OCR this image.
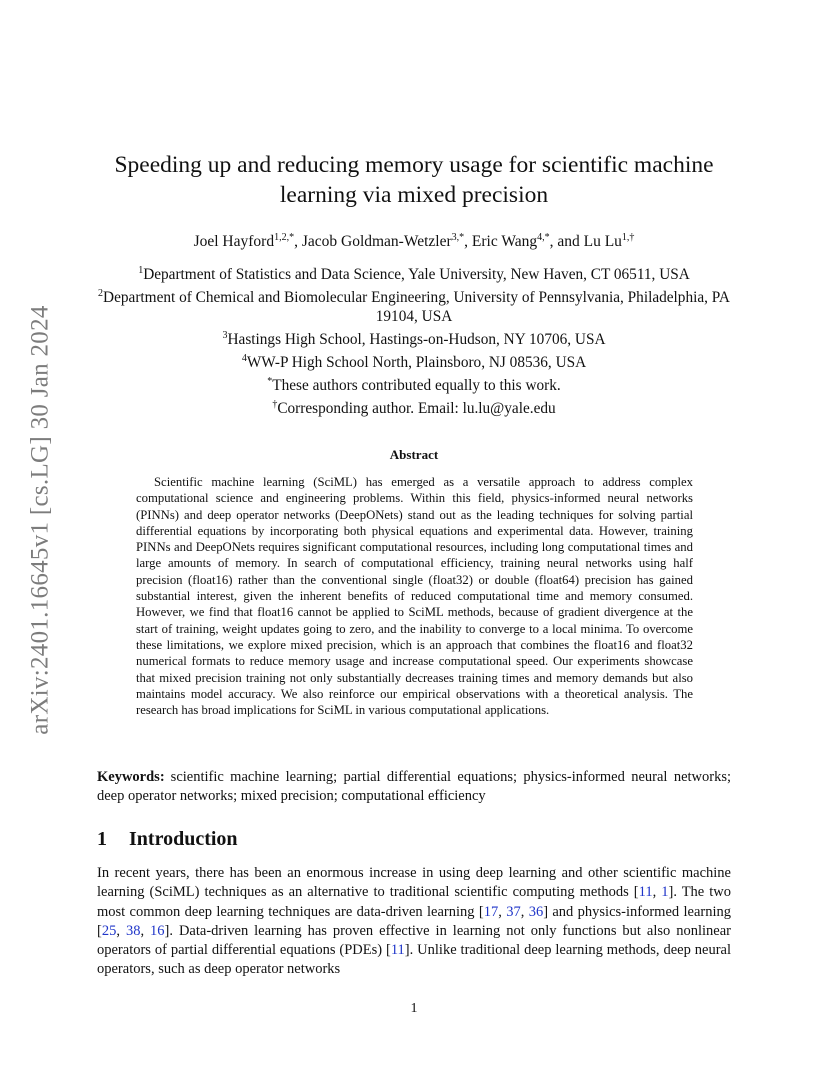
arXiv:2401.16645v1 [cs.LG] 30 Jan 2024
Speeding up and reducing memory usage for scientific machine learning via mixed precision
Joel Hayford$^{1,2,*}$, Jacob Goldman-Wetzler$^{3,*}$, Eric Wang$^{4,*}$, and Lu $Lu^{1,\dagger}$
$^1$Department of Statistics and Data Science, Yale University, New Haven, CT 06511, USA
$^2$Department of Chemical and Biomolecular Engineering, University of Pennsylvania, Philadelphia, PA 19104, USA
$^3$Hastings High School, Hastings-on-Hudson, NY 10706, USA
$^4$WW-P High School North, Plainsboro, NJ 08536, USA
*These authors contributed equally to this work.
†Corresponding author. Email: lu.lu@yale.edu
Abstract

Scientific machine learning (SciML) has emerged as a versatile approach to address complex computational science and engineering problems. Within this field, physics-informed neural networks (PINNs) and deep operator networks (DeepONets) stand out as the leading techniques for solving partial differential equations by incorporating both physical equations and experimental data. However, training PINNs and DeepONets requires significant computational resources, including long computational times and large amounts of memory. In search of computational efficiency, training neural networks using half precision (float16) rather than the conventional single (float32) or double (float64) precision has gained substantial interest, given the inherent benefits of reduced computational time and memory consumed. However, we find that float16 cannot be applied to SciML methods, because of gradient divergence at the start of training, weight updates going to zero, and the inability to converge to a local minima. To overcome these limitations, we explore mixed precision, which is an approach that combines the float16 and float32 numerical formats to reduce memory usage and increase computational speed. Our experiments showcase that mixed precision training not only substantially decreases training times and memory demands but also maintains model accuracy. We also reinforce our empirical observations with a theoretical analysis. The research has broad implications for SciML in various computational applications.

Keywords: scientific machine learning; partial differential equations; physics-informed neural networks; deep operator networks; mixed precision; computational efficiency

1 Introduction

In recent years, there has been an enormous increase in using deep learning and other scientific machine learning (SciML) techniques as an alternative to traditional scientific computing methods [11, 1]. The two most common deep learning techniques are data-driven learning [17, 37, 36] and physics-informed learning [25, 38, 16]. Data-driven learning has proven effective in learning not only functions but also nonlinear operators of partial differential equations (PDEs) [11]. Unlike traditional deep learning methods, deep neural operators, such as deep operator networks

1
